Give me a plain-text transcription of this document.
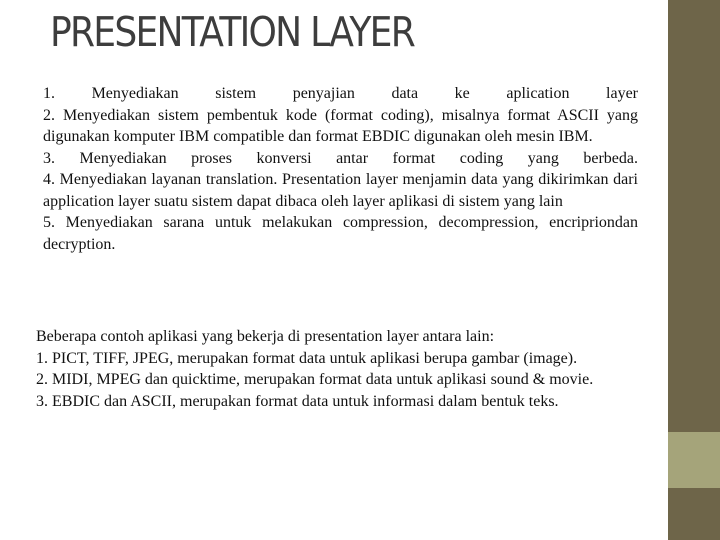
PRESENTATION LAYER
1. Menyediakan sistem penyajian data ke aplication layer
2. Menyediakan sistem pembentuk kode (format coding), misalnya format ASCII yang digunakan komputer IBM compatible dan format EBDIC digunakan oleh mesin IBM.
3. Menyediakan proses konversi antar format coding yang berbeda.
4. Menyediakan layanan translation. Presentation layer menjamin data yang dikirimkan dari application layer suatu sistem dapat dibaca oleh layer aplikasi di sistem yang lain
5. Menyediakan sarana untuk melakukan compression, decompression, encripriondan decryption.
Beberapa contoh aplikasi yang bekerja di presentation layer antara lain:
1. PICT, TIFF, JPEG, merupakan format data untuk aplikasi berupa gambar (image).
2. MIDI, MPEG dan quicktime, merupakan format data untuk aplikasi sound & movie.
3. EBDIC dan ASCII, merupakan format data untuk informasi dalam bentuk teks.
